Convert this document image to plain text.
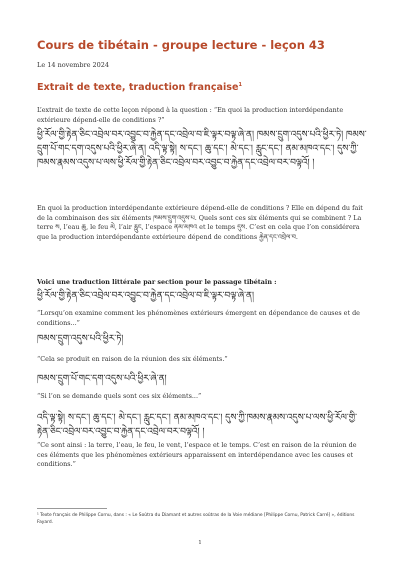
Cours de tibétain - groupe lecture - leçon 43
Le 14 novembre 2024
Extrait de texte, traduction française$^1$
L’extrait de texte de cette leçon répond à la question : “En quoi la production interdépendante extérieure dépend-elle de conditions ?”
ཕྱི་རོལ་གྱི་རྟེན་ཅིང་འབྲེལ་བར་འབྱུང་བ་རྐྱེན་དང་འབྲེལ་བ་ཇི་ལྟར་བལྟ་ཞེ་ན། ཁམས་དྲུག་འདུས་པའི་ཕྱིར་ཏེ། ཁམས་དྲུག་པོ་གང་དག་འདུས་པའི་ཕྱིར་ཞེ་ན། འདི་ལྟ་སྟེ། ས་དང་། ཆུ་དང་། མེ་དང་། རླུང་དང་། ནམ་མཁའ་དང་། དུས་ཀྱི་ཁམས་རྣམས་འདུས་པ་ལས་ཕྱི་རོལ་གྱི་རྟེན་ཅིང་འབྲེལ་བར་འབྱུང་བ་རྐྱེན་དང་འབྲེལ་བར་བལྟའོ། །
En quoi la production interdépendante extérieure dépend-elle de conditions ? Elle en dépend du fait de la combinaison des six éléments ཁམས་དྲུག་འདུས་པ. Quels sont ces six éléments qui se combinent ? La terre ས, l’eau ཆུ, le feu མེ, l’air རླུང, l’espace ནམ་མཁའ et le temps དུས. C’est en cela que l’on considérera que la production interdépendante extérieure dépend de conditions རྐྱེན་དང་འབྲེལ་བ.
Voici une traduction littérale par section pour le passage tibétain :
ཕྱི་རོལ་གྱི་རྟེན་ཅིང་འབྲེལ་བར་འབྱུང་བ་རྐྱེན་དང་འབྲེལ་བ་ཇི་ལྟར་བལྟ་ཞེ་ན།
“Lorsqu’on examine comment les phénomènes extérieurs émergent en dépendance de causes et de conditions...”
ཁམས་དྲུག་འདུས་པའི་ཕྱིར་ཏེ།
“Cela se produit en raison de la réunion des six éléments.”
ཁམས་དྲུག་པོ་གང་དག་འདུས་པའི་ཕྱིར་ཞེ་ན།
“Si l’on se demande quels sont ces six éléments...”
འདི་ལྟ་སྟེ། ས་དང་། ཆུ་དང་། མེ་དང་། རླུང་དང་། ནམ་མཁའ་དང་། དུས་ཀྱི་ཁམས་རྣམས་འདུས་པ་ལས་ཕྱི་རོལ་གྱི་རྟེན་ཅིང་འབྲེལ་བར་འབྱུང་བ་རྐྱེན་དང་འབྲེལ་བར་བལྟའོ། །
“Ce sont ainsi : la terre, l’eau, le feu, le vent, l’espace et le temps. C’est en raison de la réunion de ces éléments que les phénomènes extérieurs apparaissent en interdépendance avec les causes et conditions.”
¹ Texte français de Philippe Cornu, dans : « Le Soûtra du Diamant et autres soûtras de la Voie médiane [Philippe Cornu, Patrick Carré] », éditions Fayard.
1
